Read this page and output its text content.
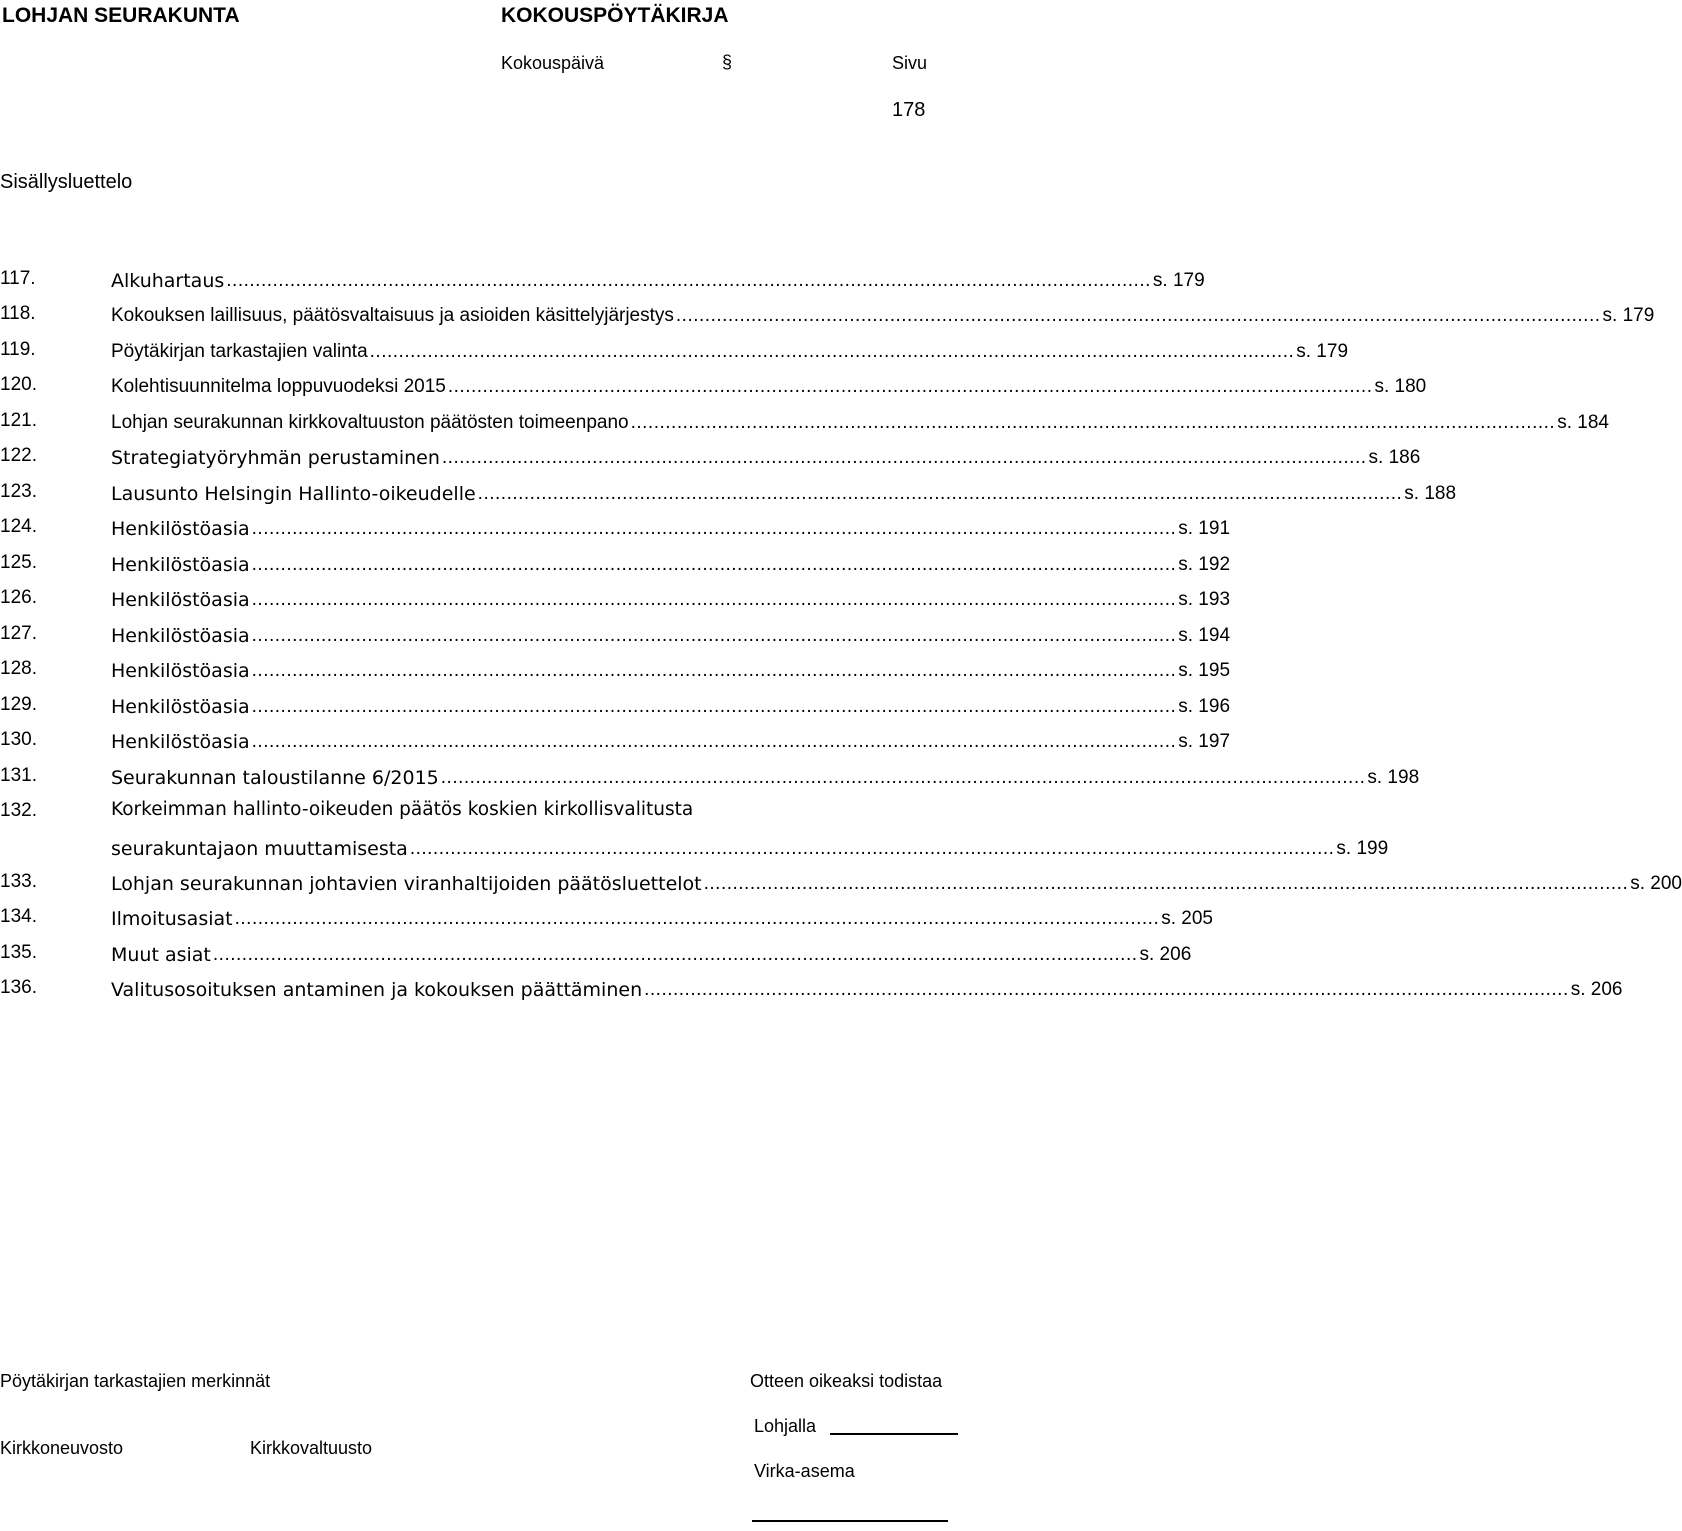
LOHJAN SEURAKUNTA	KOKOUSPÖYTÄKIRJA
Kokouspäivä	§	Sivu
178
Sisällysluettelo
117.	Alkuhartaus ................................................................................................................................................................ s. 179
118.	Kokouksen laillisuus, päätösvaltaisuus ja asioiden käsittelyjärjestys ................................................................................................................................................................ s. 179
119.	Pöytäkirjan tarkastajien valinta ................................................................................................................................................................ s. 179
120.	Kolehtisuunnitelma loppuvuodeksi 2015 ................................................................................................................................................................ s. 180
121.	Lohjan seurakunnan kirkkovaltuuston päätösten toimeenpano ................................................................................................................................................................ s. 184
122.	Strategiatyöryhmän perustaminen ................................................................................................................................................................ s. 186
123.	Lausunto Helsingin Hallinto-oikeudelle ................................................................................................................................................................ s. 188
124.	Henkilöstöasia ................................................................................................................................................................ s. 191
125.	Henkilöstöasia ................................................................................................................................................................ s. 192
126.	Henkilöstöasia ................................................................................................................................................................ s. 193
127.	Henkilöstöasia ................................................................................................................................................................ s. 194
128.	Henkilöstöasia ................................................................................................................................................................ s. 195
129.	Henkilöstöasia ................................................................................................................................................................ s. 196
130.	Henkilöstöasia ................................................................................................................................................................ s. 197
131.	Seurakunnan taloustilanne 6/2015 ................................................................................................................................................................ s. 198
132.	Korkeimman hallinto-oikeuden päätös koskien kirkollisvalitusta
seurakuntajaon muuttamisesta ................................................................................................................................................................ s. 199
133.	Lohjan seurakunnan johtavien viranhaltijoiden päätösluettelot ................................................................................................................................................................ s. 200
134.	Ilmoitusasiat ................................................................................................................................................................ s. 205
135.	Muut asiat ................................................................................................................................................................ s. 206
136.	Valitusosoituksen antaminen ja kokouksen päättäminen ................................................................................................................................................................ s. 206
Pöytäkirjan tarkastajien merkinnät	Otteen oikeaksi todistaa
Lohjalla
Kirkkoneuvosto	Kirkkovaltuusto
Virka-asema
